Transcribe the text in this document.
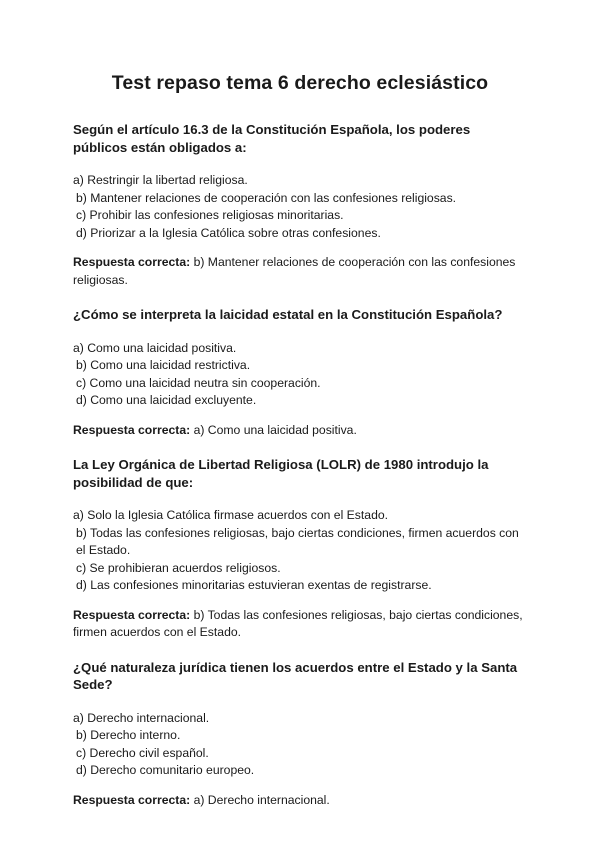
Test repaso tema 6 derecho eclesiástico

Según el artículo 16.3 de la Constitución Española, los poderes públicos están obligados a:

a) Restringir la libertad religiosa.
b) Mantener relaciones de cooperación con las confesiones religiosas.
c) Prohibir las confesiones religiosas minoritarias.
d) Priorizar a la Iglesia Católica sobre otras confesiones.

Respuesta correcta: b) Mantener relaciones de cooperación con las confesiones religiosas.

¿Cómo se interpreta la laicidad estatal en la Constitución Española?

a) Como una laicidad positiva.
b) Como una laicidad restrictiva.
c) Como una laicidad neutra sin cooperación.
d) Como una laicidad excluyente.

Respuesta correcta: a) Como una laicidad positiva.

La Ley Orgánica de Libertad Religiosa (LOLR) de 1980 introdujo la posibilidad de que:

a) Solo la Iglesia Católica firmase acuerdos con el Estado.
b) Todas las confesiones religiosas, bajo ciertas condiciones, firmen acuerdos con el Estado.
c) Se prohibieran acuerdos religiosos.
d) Las confesiones minoritarias estuvieran exentas de registrarse.

Respuesta correcta: b) Todas las confesiones religiosas, bajo ciertas condiciones, firmen acuerdos con el Estado.

¿Qué naturaleza jurídica tienen los acuerdos entre el Estado y la Santa Sede?

a) Derecho internacional.
b) Derecho interno.
c) Derecho civil español.
d) Derecho comunitario europeo.

Respuesta correcta: a) Derecho internacional.
